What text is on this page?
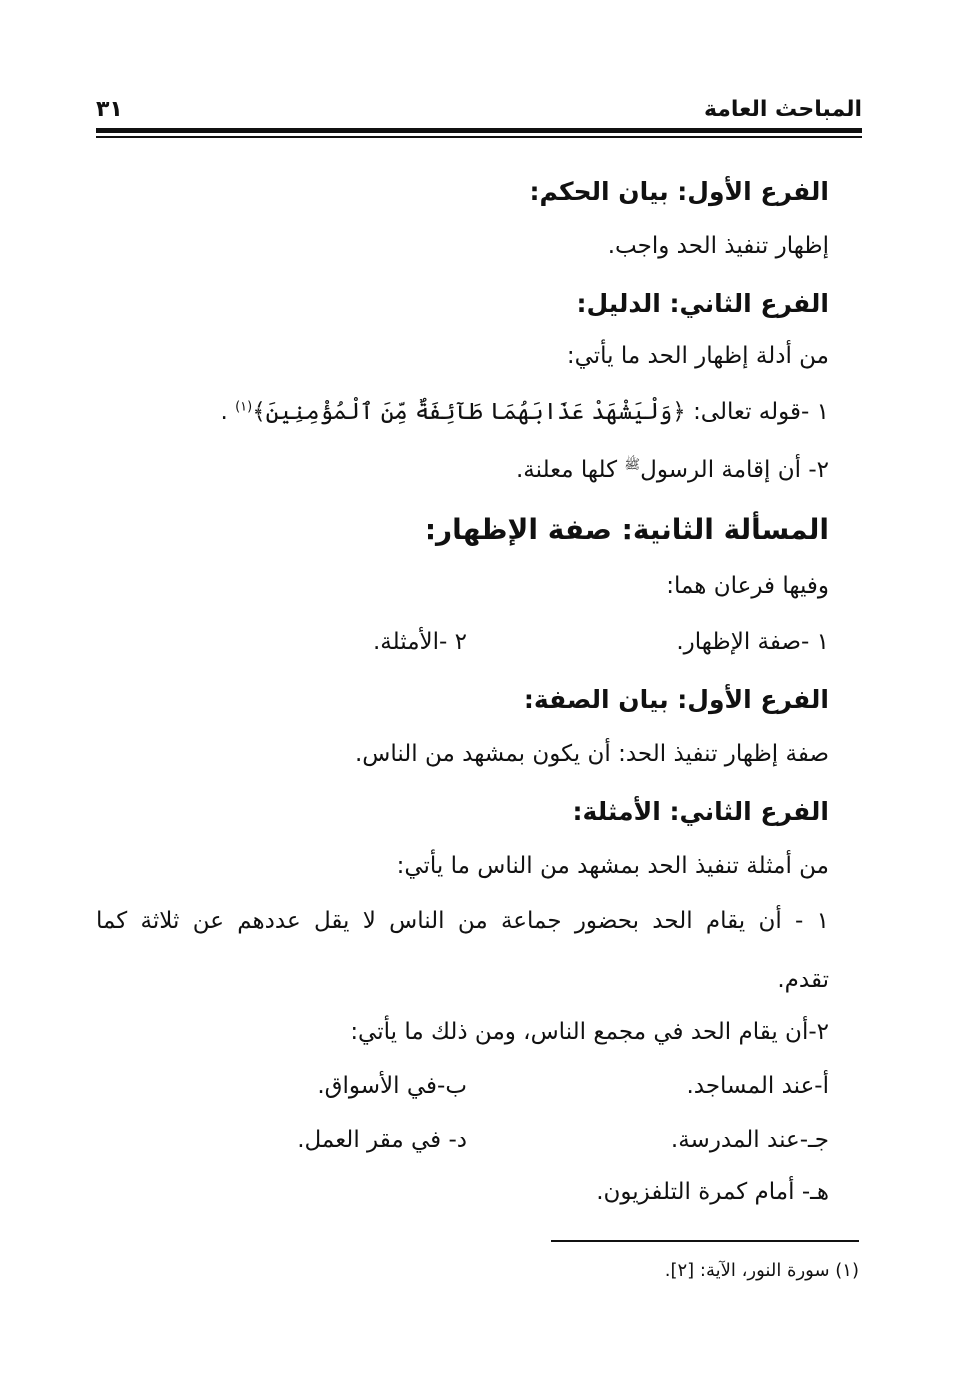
المباحث العامة
٣١
الفرع الأول: بيان الحكم:
إظهار تنفيذ الحد واجب.
الفرع الثاني: الدليل:
من أدلة إظهار الحد ما يأتي:
١ -قوله تعالى: ﴿وَلْيَشْهَدْ عَذَابَهُمَا طَآئِفَةٌ مِّنَ ٱلْمُؤْمِنِينَ﴾$^{(١)}$ .
٢- أن إقامة الرسول$^ﷺ$ كلها معلنة.
المسألة الثانية: صفة الإظهار:
وفيها فرعان هما:
١ -صفة الإظهار.
٢ -الأمثلة.
الفرع الأول: بيان الصفة:
صفة إظهار تنفيذ الحد: أن يكون بمشهد من الناس.
الفرع الثاني: الأمثلة:
من أمثلة تنفيذ الحد بمشهد من الناس ما يأتي:
١ - أن يقام الحد بحضور جماعة من الناس لا يقل عددهم عن ثلاثة كما
تقدم.
٢-أن يقام الحد في مجمع الناس، ومن ذلك ما يأتي:
أ-عند المساجد.
ب-في الأسواق.
جـ-عند المدرسة.
د- في مقر العمل.
هـ- أمام كمرة التلفزيون.
(١) سورة النور، الآية: [٢].
